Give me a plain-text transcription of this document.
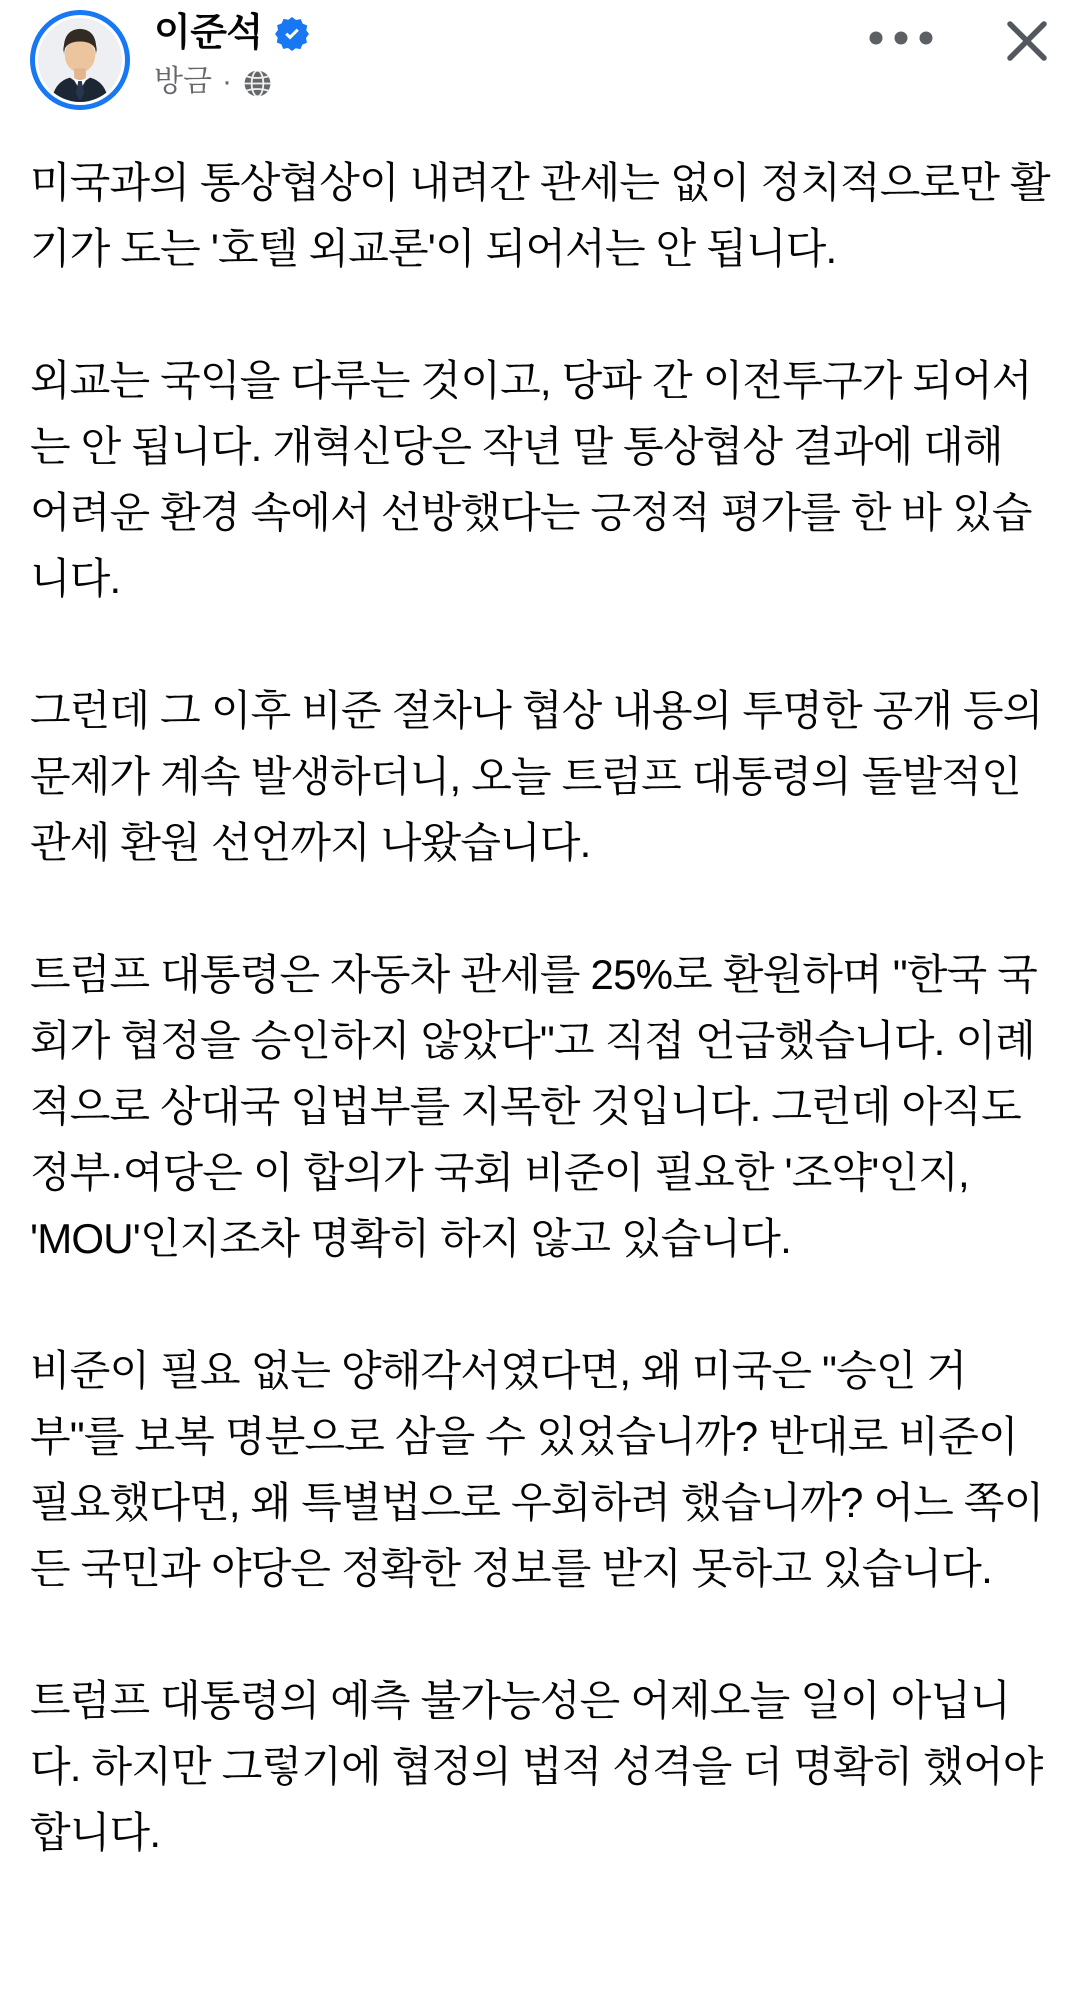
이준석
방금 ·

미국과의 통상협상이 내려간 관세는 없이 정치적으로만 활기가 도는 '호텔 외교론'이 되어서는 안 됩니다.

외교는 국익을 다루는 것이고, 당파 간 이전투구가 되어서는 안 됩니다. 개혁신당은 작년 말 통상협상 결과에 대해 어려운 환경 속에서 선방했다는 긍정적 평가를 한 바 있습니다.

그런데 그 이후 비준 절차나 협상 내용의 투명한 공개 등의 문제가 계속 발생하더니, 오늘 트럼프 대통령의 돌발적인 관세 환원 선언까지 나왔습니다.

트럼프 대통령은 자동차 관세를 25%로 환원하며 "한국 국회가 협정을 승인하지 않았다"고 직접 언급했습니다. 이례적으로 상대국 입법부를 지목한 것입니다. 그런데 아직도 정부·여당은 이 합의가 국회 비준이 필요한 '조약'인지, 'MOU'인지조차 명확히 하지 않고 있습니다.

비준이 필요 없는 양해각서였다면, 왜 미국은 "승인 거부"를 보복 명분으로 삼을 수 있었습니까? 반대로 비준이 필요했다면, 왜 특별법으로 우회하려 했습니까? 어느 쪽이든 국민과 야당은 정확한 정보를 받지 못하고 있습니다.

트럼프 대통령의 예측 불가능성은 어제오늘 일이 아닙니다. 하지만 그렇기에 협정의 법적 성격을 더 명확히 했어야 합니다.
